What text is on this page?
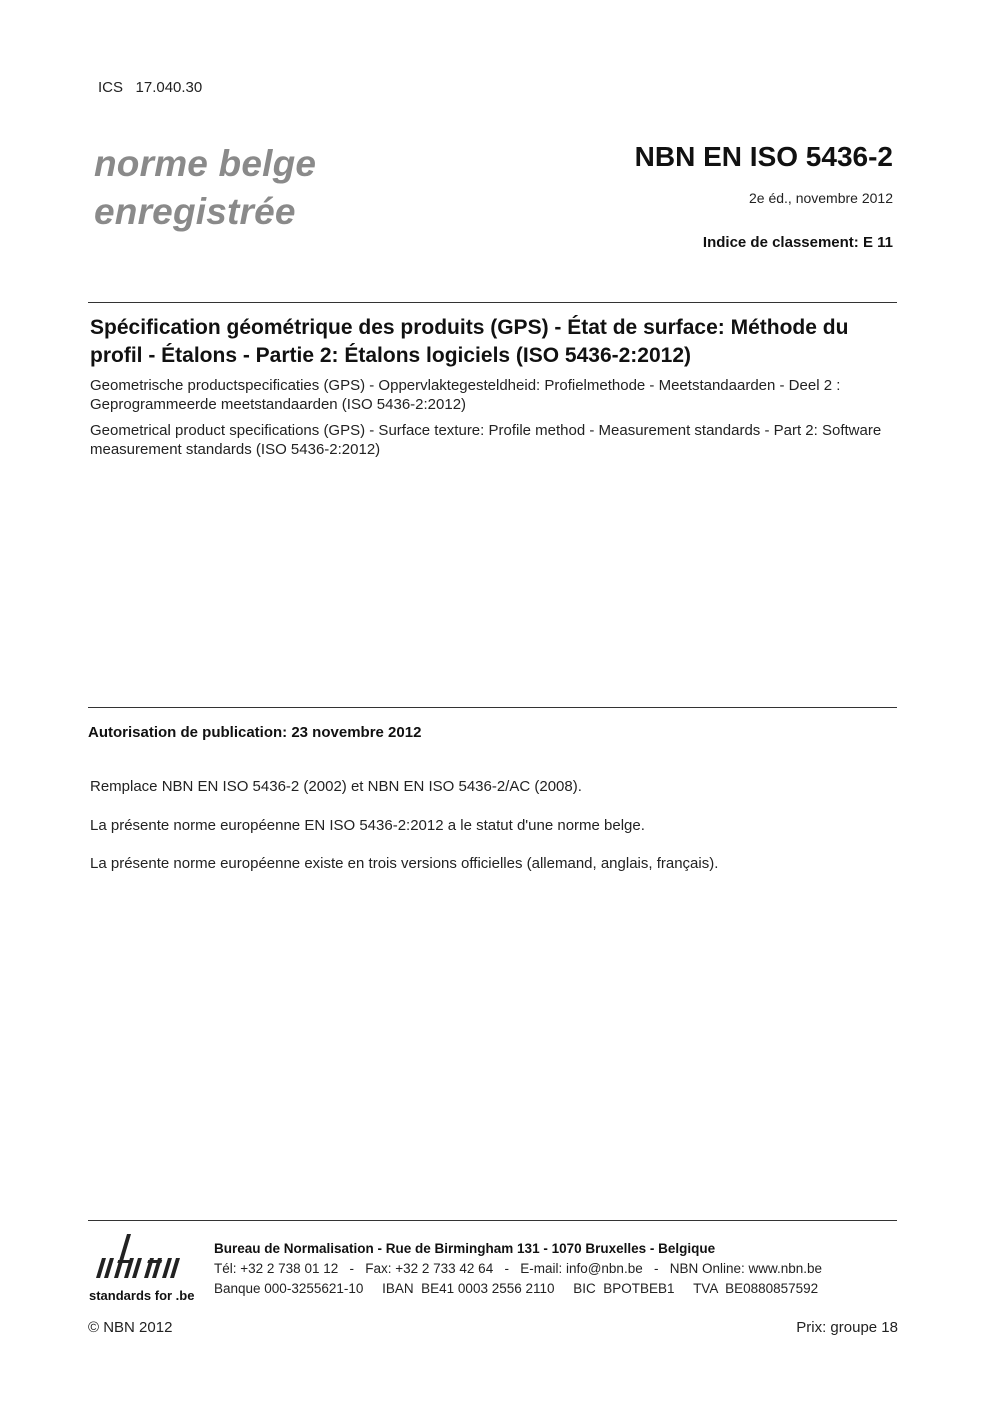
ICS   17.040.30
norme belge
enregistrée
NBN EN ISO 5436-2
2e éd., novembre 2012
Indice de classement: E 11
Spécification géométrique des produits (GPS) - État de surface: Méthode du profil - Étalons - Partie 2: Étalons logiciels (ISO 5436-2:2012)
Geometrische productspecificaties (GPS) - Oppervlaktegesteldheid: Profielmethode - Meetstandaarden - Deel 2 : Geprogrammeerde meetstandaarden (ISO 5436-2:2012)
Geometrical product specifications (GPS) - Surface texture: Profile method - Measurement standards - Part 2: Software measurement standards (ISO 5436-2:2012)
Autorisation de publication: 23 novembre 2012
Remplace NBN EN ISO 5436-2 (2002) et NBN EN ISO 5436-2/AC (2008).
La présente norme européenne EN ISO 5436-2:2012 a le statut d'une norme belge.
La présente norme européenne existe en trois versions officielles (allemand, anglais, français).
standards for .be
Bureau de Normalisation - Rue de Birmingham 131 - 1070 Bruxelles - Belgique
Tél: +32 2 738 01 12   -   Fax: +32 2 733 42 64   -   E-mail: info@nbn.be   -   NBN Online: www.nbn.be
Banque 000-3255621-10     IBAN  BE41 0003 2556 2110     BIC  BPOTBEB1     TVA  BE0880857592
© NBN 2012	Prix: groupe 18
